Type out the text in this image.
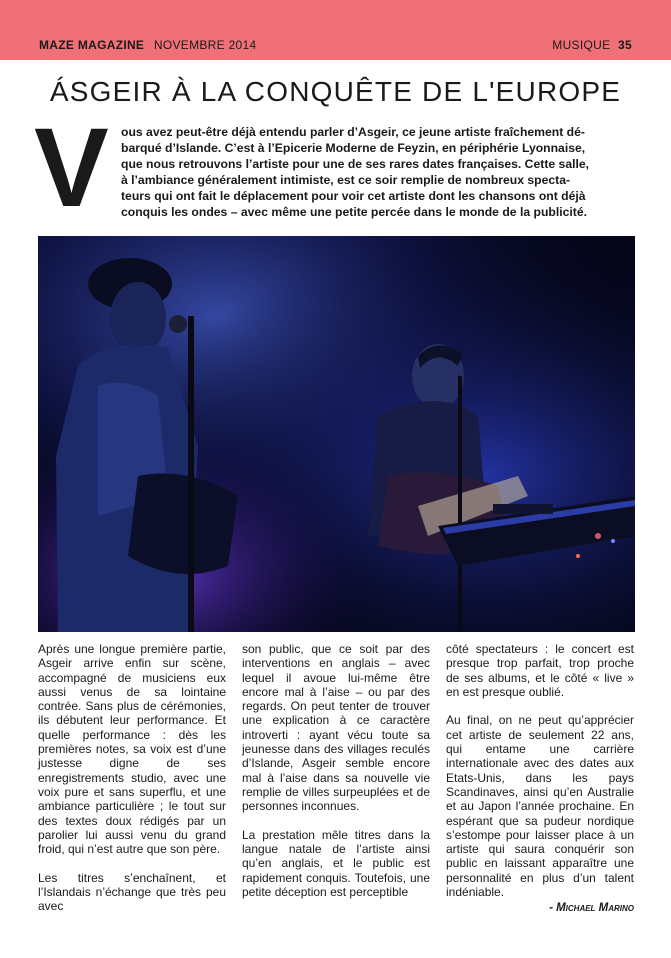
MAZE MAGAZINE NOVEMBRE 2014	MUSIQUE 35
ÁSGEIR À LA CONQUÊTE DE L'EUROPE
V ous avez peut-être déjà entendu parler d’Asgeir, ce jeune artiste fraîchement dé-
barqué d’Islande. C’est à l’Epicerie Moderne de Feyzin, en périphérie Lyonnaise,
que nous retrouvons l’artiste pour une de ses rares dates françaises. Cette salle,
à l’ambiance généralement intimiste, est ce soir remplie de nombreux spectа-
teurs qui ont fait le déplacement pour voir cet artiste dont les chansons ont déjà
conquis les ondes – avec même une petite percée dans le monde de la publicité.

Après une longue première partie, Asgeir arrive enfin sur scène, accompagné de musiciens eux aussi venus de sa lointaine contrée. Sans plus de cérémonies, ils débutent leur performance. Et quelle performance : dès les premières notes, sa voix est d’une justesse digne de ses enregistrements studio, avec une voix pure et sans superflu, et une ambiance particulière ; le tout sur des textes doux rédigés par un parolier lui aussi venu du grand froid, qui n’est autre que son père.

Les titres s’enchaînent, et l’Islandais n’échange que très peu avec

son public, que ce soit par des interventions en anglais – avec lequel il avoue lui-même être encore mal à l’aise – ou par des regards. On peut tenter de trouver une explication à ce caractère introverti : ayant vécu toute sa jeunesse dans des villages reculés d’Islande, Asgeir semble encore mal à l’aise dans sa nouvelle vie remplie de villes surpeuplées et de personnes inconnues.

La prestation mêle titres dans la langue natale de l’artiste ainsi qu’en anglais, et le public est rapidement conquis. Toutefois, une petite déception est perceptible

côté spectateurs : le concert est presque trop parfait, trop proche de ses albums, et le côté « live » en est presque oublié.

Au final, on ne peut qu’apprécier cet artiste de seulement 22 ans, qui entame une carrière internationale avec des dates aux Etats-Unis, dans les pays Scandinaves, ainsi qu’en Australie et au Japon l’année prochaine. En espérant que sa pudeur nordique s’estompe pour laisser place à un artiste qui saura conquérir son public en laissant apparaître une personnalité en plus d’un talent indéniable.

- Michael Marino
